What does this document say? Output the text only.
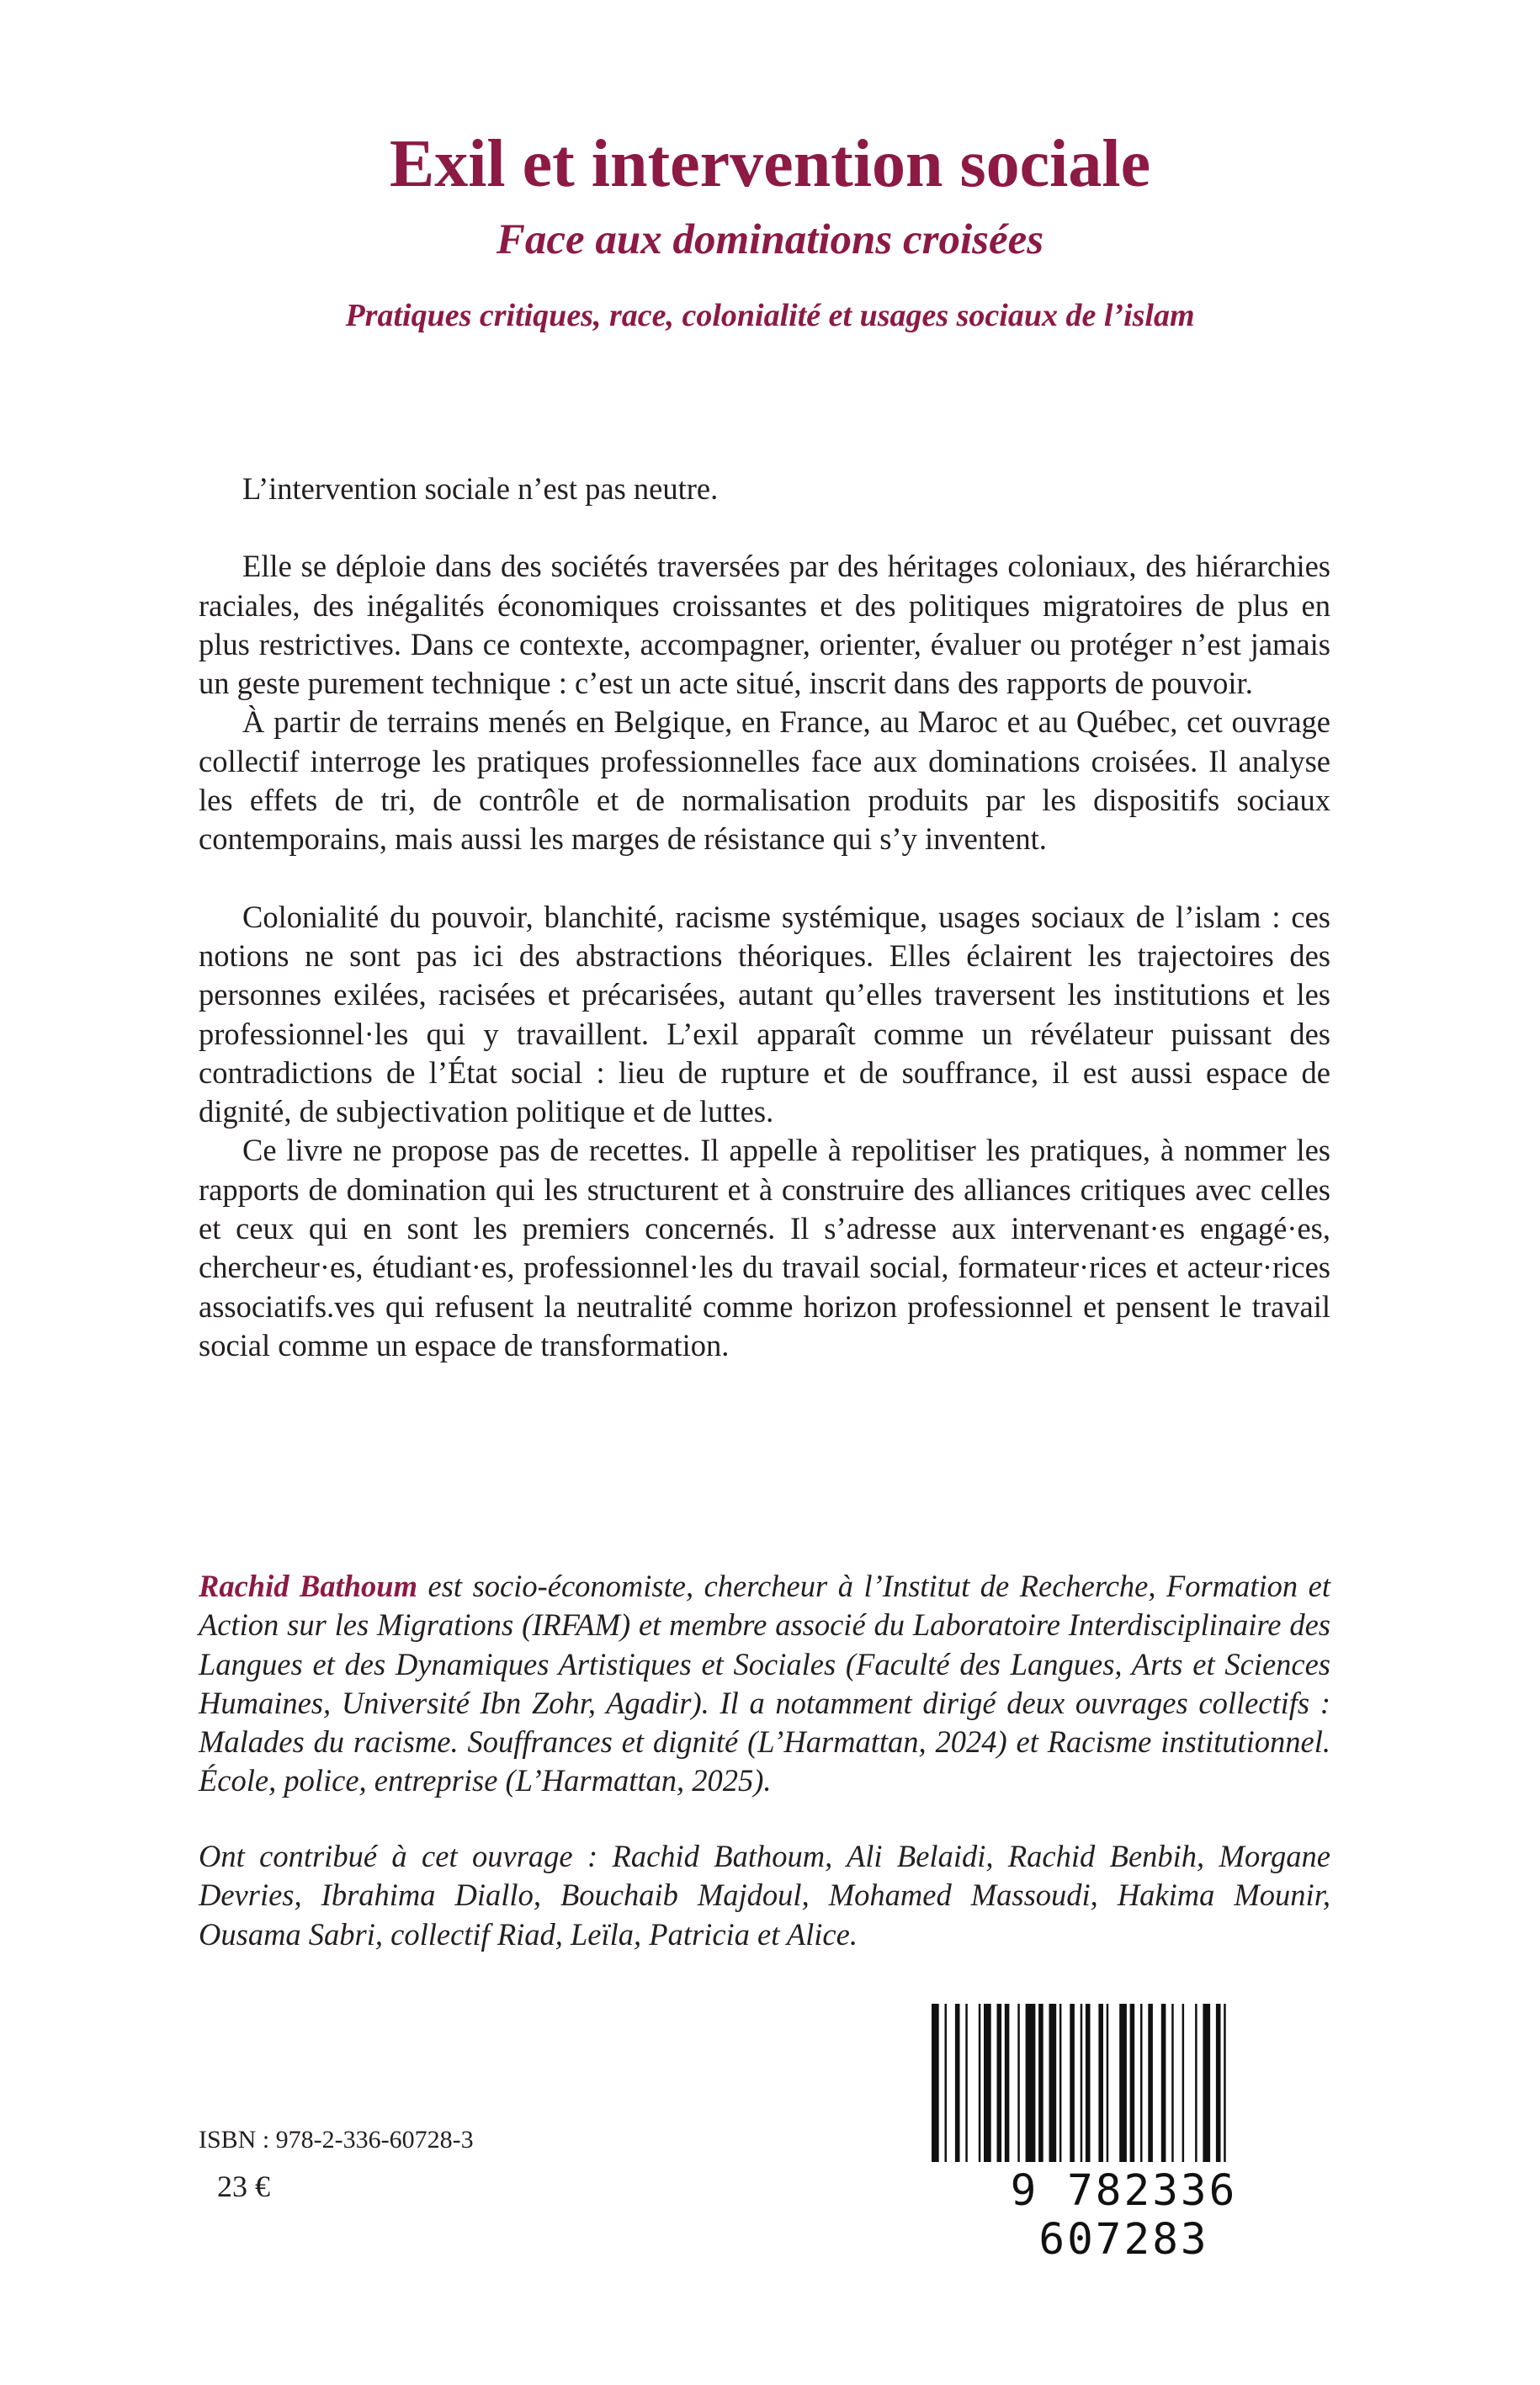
Exil et intervention sociale
Face aux dominations croisées
Pratiques critiques, race, colonialité et usages sociaux de l’islam

L’intervention sociale n’est pas neutre.

Elle se déploie dans des sociétés traversées par des héritages coloniaux, des hiérarchies raciales, des inégalités économiques croissantes et des politiques migratoires de plus en plus restrictives. Dans ce contexte, accompagner, orienter, évaluer ou protéger n’est jamais un geste purement technique : c’est un acte situé, inscrit dans des rapports de pouvoir.

À partir de terrains menés en Belgique, en France, au Maroc et au Québec, cet ouvrage collectif interroge les pratiques professionnelles face aux dominations croisées. Il analyse les effets de tri, de contrôle et de normalisation produits par les dispositifs sociaux contemporains, mais aussi les marges de résistance qui s’y inventent.

Colonialité du pouvoir, blanchité, racisme systémique, usages sociaux de l’islam : ces notions ne sont pas ici des abstractions théoriques. Elles éclairent les trajectoires des personnes exilées, racisées et précarisées, autant qu’elles traversent les institutions et les professionnel·les qui y travaillent. L’exil apparaît comme un révélateur puissant des contradictions de l’État social : lieu de rupture et de souffrance, il est aussi espace de dignité, de subjectivation politique et de luttes.

Ce livre ne propose pas de recettes. Il appelle à repolitiser les pratiques, à nommer les rapports de domination qui les structurent et à construire des alliances critiques avec celles et ceux qui en sont les premiers concernés. Il s’adresse aux intervenant·es engagé·es, chercheur·es, étudiant·es, professionnel·les du travail social, formateur·rices et acteur·rices associatifs.ves qui refusent la neutralité comme horizon professionnel et pensent le travail social comme un espace de transformation.

Rachid Bathoum est socio-économiste, chercheur à l’Institut de Recherche, Formation et Action sur les Migrations (IRFAM) et membre associé du Laboratoire Interdisciplinaire des Langues et des Dynamiques Artistiques et Sociales (Faculté des Langues, Arts et Sciences Humaines, Université Ibn Zohr, Agadir). Il a notamment dirigé deux ouvrages collectifs : Malades du racisme. Souffrances et dignité (L’Harmattan, 2024) et Racisme institutionnel. École, police, entreprise (L’Harmattan, 2025).

Ont contribué à cet ouvrage : Rachid Bathoum, Ali Belaidi, Rachid Benbih, Morgane Devries, Ibrahima Diallo, Bouchaib Majdoul, Mohamed Massoudi, Hakima Mounir, Ousama Sabri, collectif Riad, Leïla, Patricia et Alice.

ISBN : 978-2-336-60728-3

23 €	9 782336 607283
